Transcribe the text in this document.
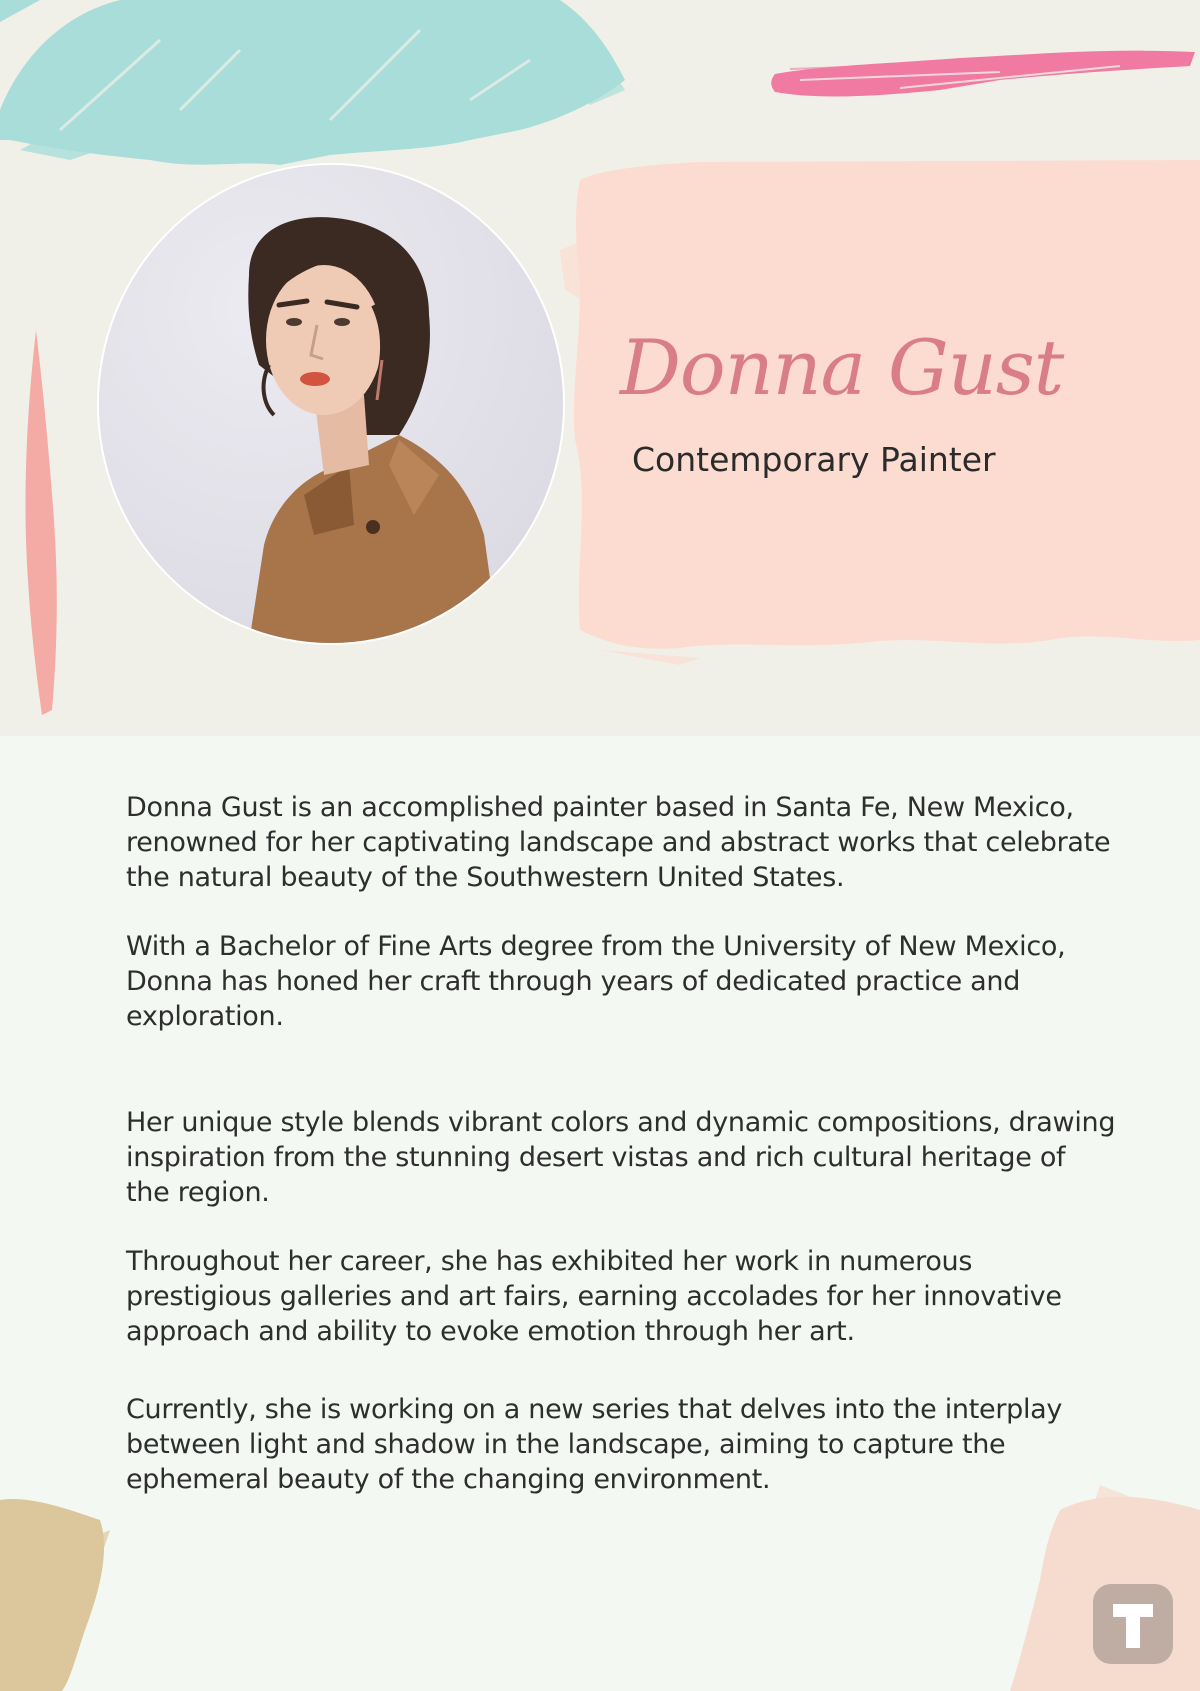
Donna Gust
Contemporary Painter

Donna Gust is an accomplished painter based in Santa Fe, New Mexico, renowned for her captivating landscape and abstract works that celebrate the natural beauty of the Southwestern United States.

With a Bachelor of Fine Arts degree from the University of New Mexico, Donna has honed her craft through years of dedicated practice and exploration.

Her unique style blends vibrant colors and dynamic compositions, drawing inspiration from the stunning desert vistas and rich cultural heritage of the region.

Throughout her career, she has exhibited her work in numerous prestigious galleries and art fairs, earning accolades for her innovative approach and ability to evoke emotion through her art.

Currently, she is working on a new series that delves into the interplay between light and shadow in the landscape, aiming to capture the ephemeral beauty of the changing environment.
